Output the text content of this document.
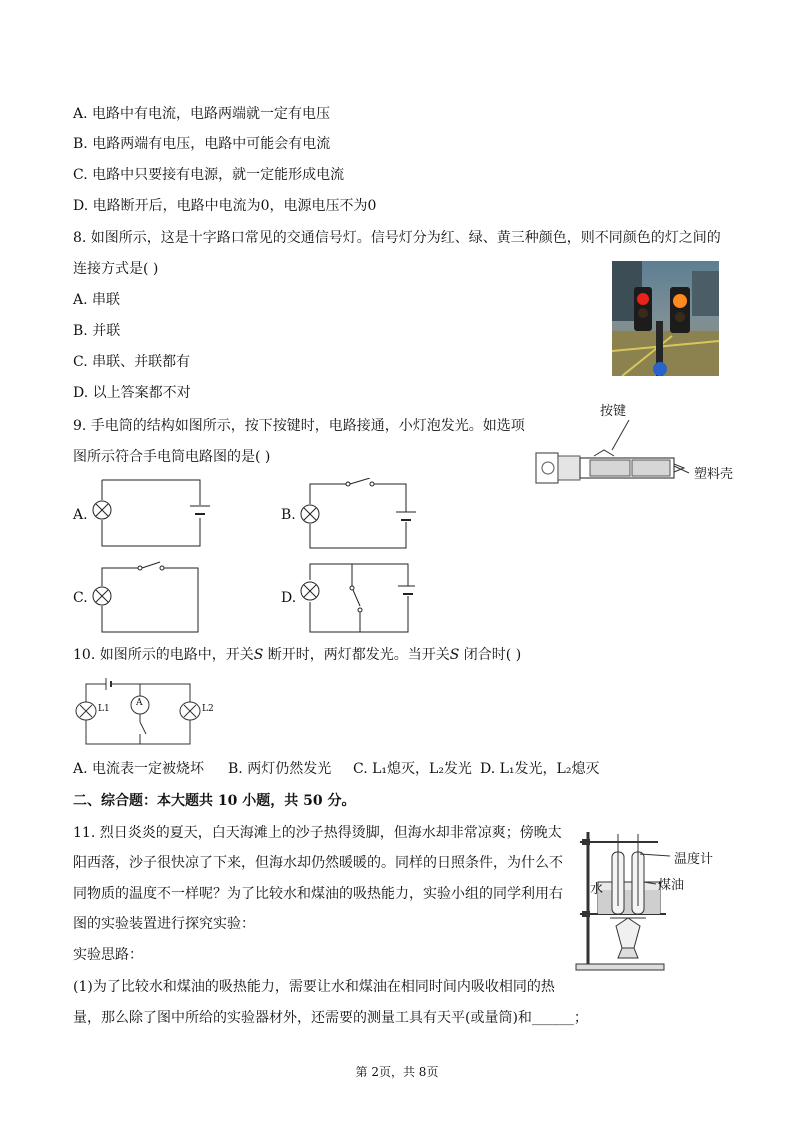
A. 电路中有电流，电路两端就一定有电压
B. 电路两端有电压，电路中可能会有电流
C. 电路中只要接有电源，就一定能形成电流
D. 电路断开后，电路中电流为0，电源电压不为0
8. 如图所示，这是十字路口常见的交通信号灯。信号灯分为红、绿、黄三种颜色，则不同颜色的灯之间的
连接方式是( )
A. 串联
B. 并联
C. 串联、并联都有
D. 以上答案都不对
9. 手电筒的结构如图所示，按下按键时，电路接通，小灯泡发光。如选项
图所示符合手电筒电路图的是( )
按键
塑料壳
A.	B.
C.	D.
10. 如图所示的电路中，开关S 断开时，两灯都发光。当开关S 闭合时( )
L1	L2
A
A. 电流表一定被烧坏 B. 两灯仍然发光 C. L₁熄灭，L₂发光 D. L₁发光，L₂熄灭
二、综合题：本大题共 10 小题，共 50 分。
11. 烈日炎炎的夏天，白天海滩上的沙子热得烫脚，但海水却非常凉爽；傍晚太
阳西落，沙子很快凉了下来，但海水却仍然暖暖的。同样的日照条件，为什么不
同物质的温度不一样呢？为了比较水和煤油的吸热能力，实验小组的同学利用右
图的实验装置进行探究实验：
实验思路：
(1)为了比较水和煤油的吸热能力，需要让水和煤油在相同时间内吸收相同的热
量，那么除了图中所给的实验器材外，还需要的测量工具有天平(或量筒)和______；
温度计
水	煤油
第 2页，共 8页
